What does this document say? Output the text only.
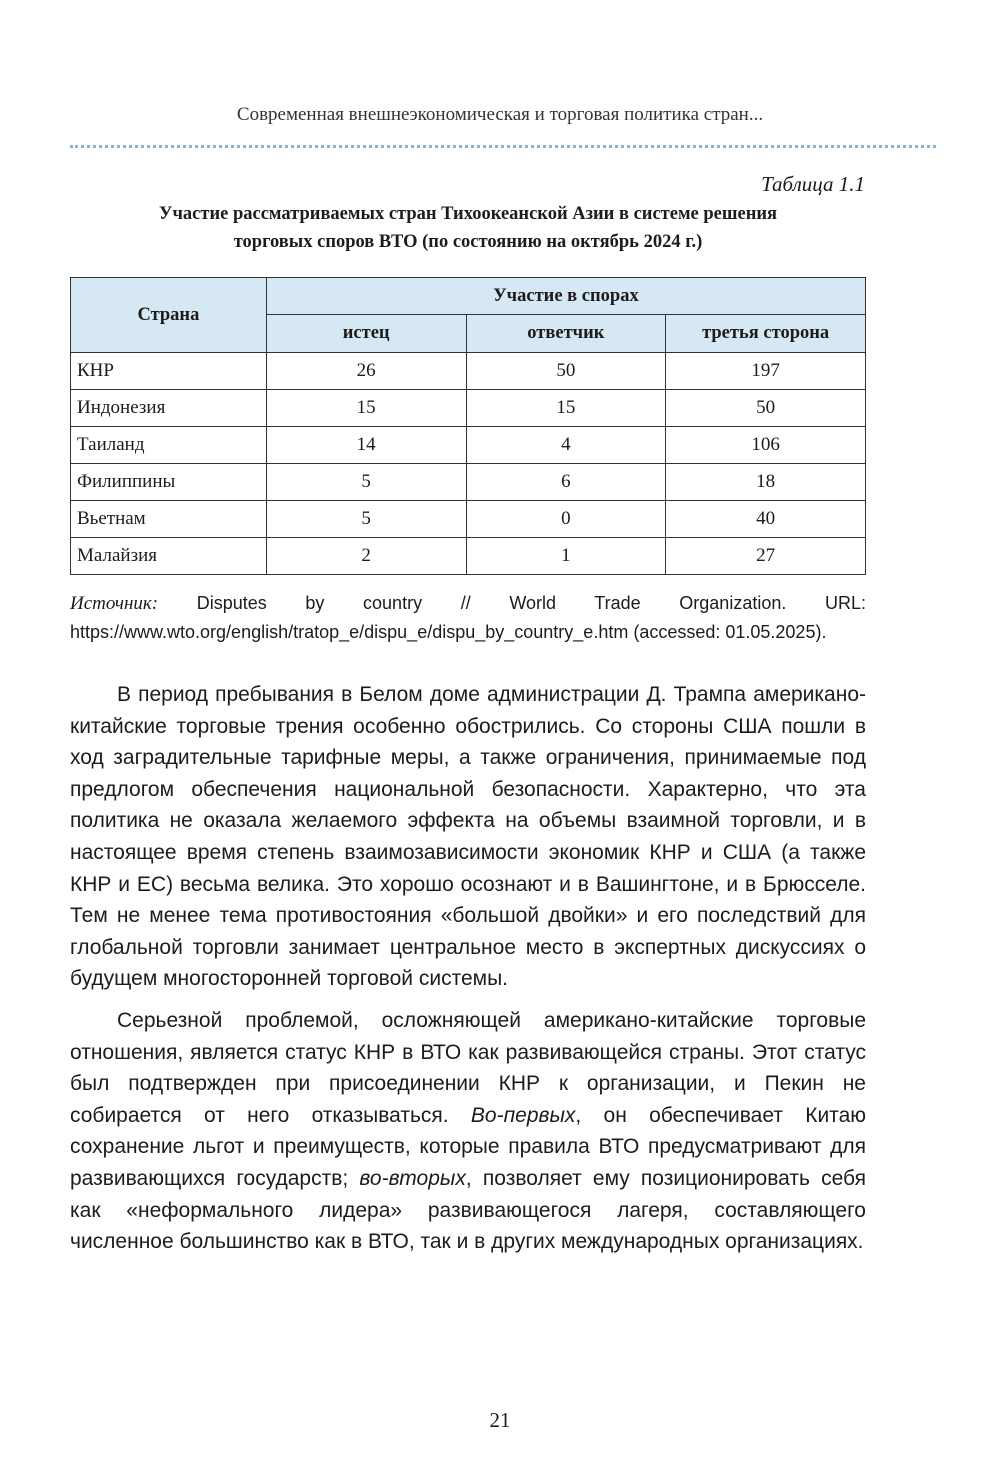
Современная внешнеэкономическая и торговая политика стран...
Таблица 1.1
Участие рассматриваемых стран Тихоокеанской Азии в системе решения
торговых споров ВТО (по состоянию на октябрь 2024 г.)
Страна	Участие в спорах		
	истец	ответчик	третья сторона
КНР	26	50	197
Индонезия	15	15	50
Таиланд	14	4	106
Филиппины	5	6	18
Вьетнам	5	0	40
Малайзия	2	1	27
Источник: Disputes by country // World Trade Organization. URL: https://www.wto.org/english/tratop_e/dispu_e/dispu_by_country_e.htm (accessed: 01.05.2025).

В период пребывания в Белом доме администрации Д. Трампа американо-китайские торговые трения особенно обострились. Со стороны США пошли в ход заградительные тарифные меры, а также ограничения, принимаемые под предлогом обеспечения национальной безопасности. Характерно, что эта политика не оказала желаемого эффекта на объемы взаимной торговли, и в настоящее время степень взаимозависимости экономик КНР и США (а также КНР и ЕС) весьма велика. Это хорошо осознают и в Вашингтоне, и в Брюсселе. Тем не менее тема противостояния «большой двойки» и его последствий для глобальной торговли занимает центральное место в экспертных дискуссиях о будущем многосторонней торговой системы.

Серьезной проблемой, осложняющей американо-китайские торговые отношения, является статус КНР в ВТО как развивающейся страны. Этот статус был подтвержден при присоединении КНР к организации, и Пекин не собирается от него отказываться. Во-первых, он обеспечивает Китаю сохранение льгот и преимуществ, которые правила ВТО предусматривают для развивающихся государств; во-вторых, позволяет ему позиционировать себя как «неформального лидера» развивающегося лагеря, составляющего численное большинство как в ВТО, так и в других международных организациях.

21
